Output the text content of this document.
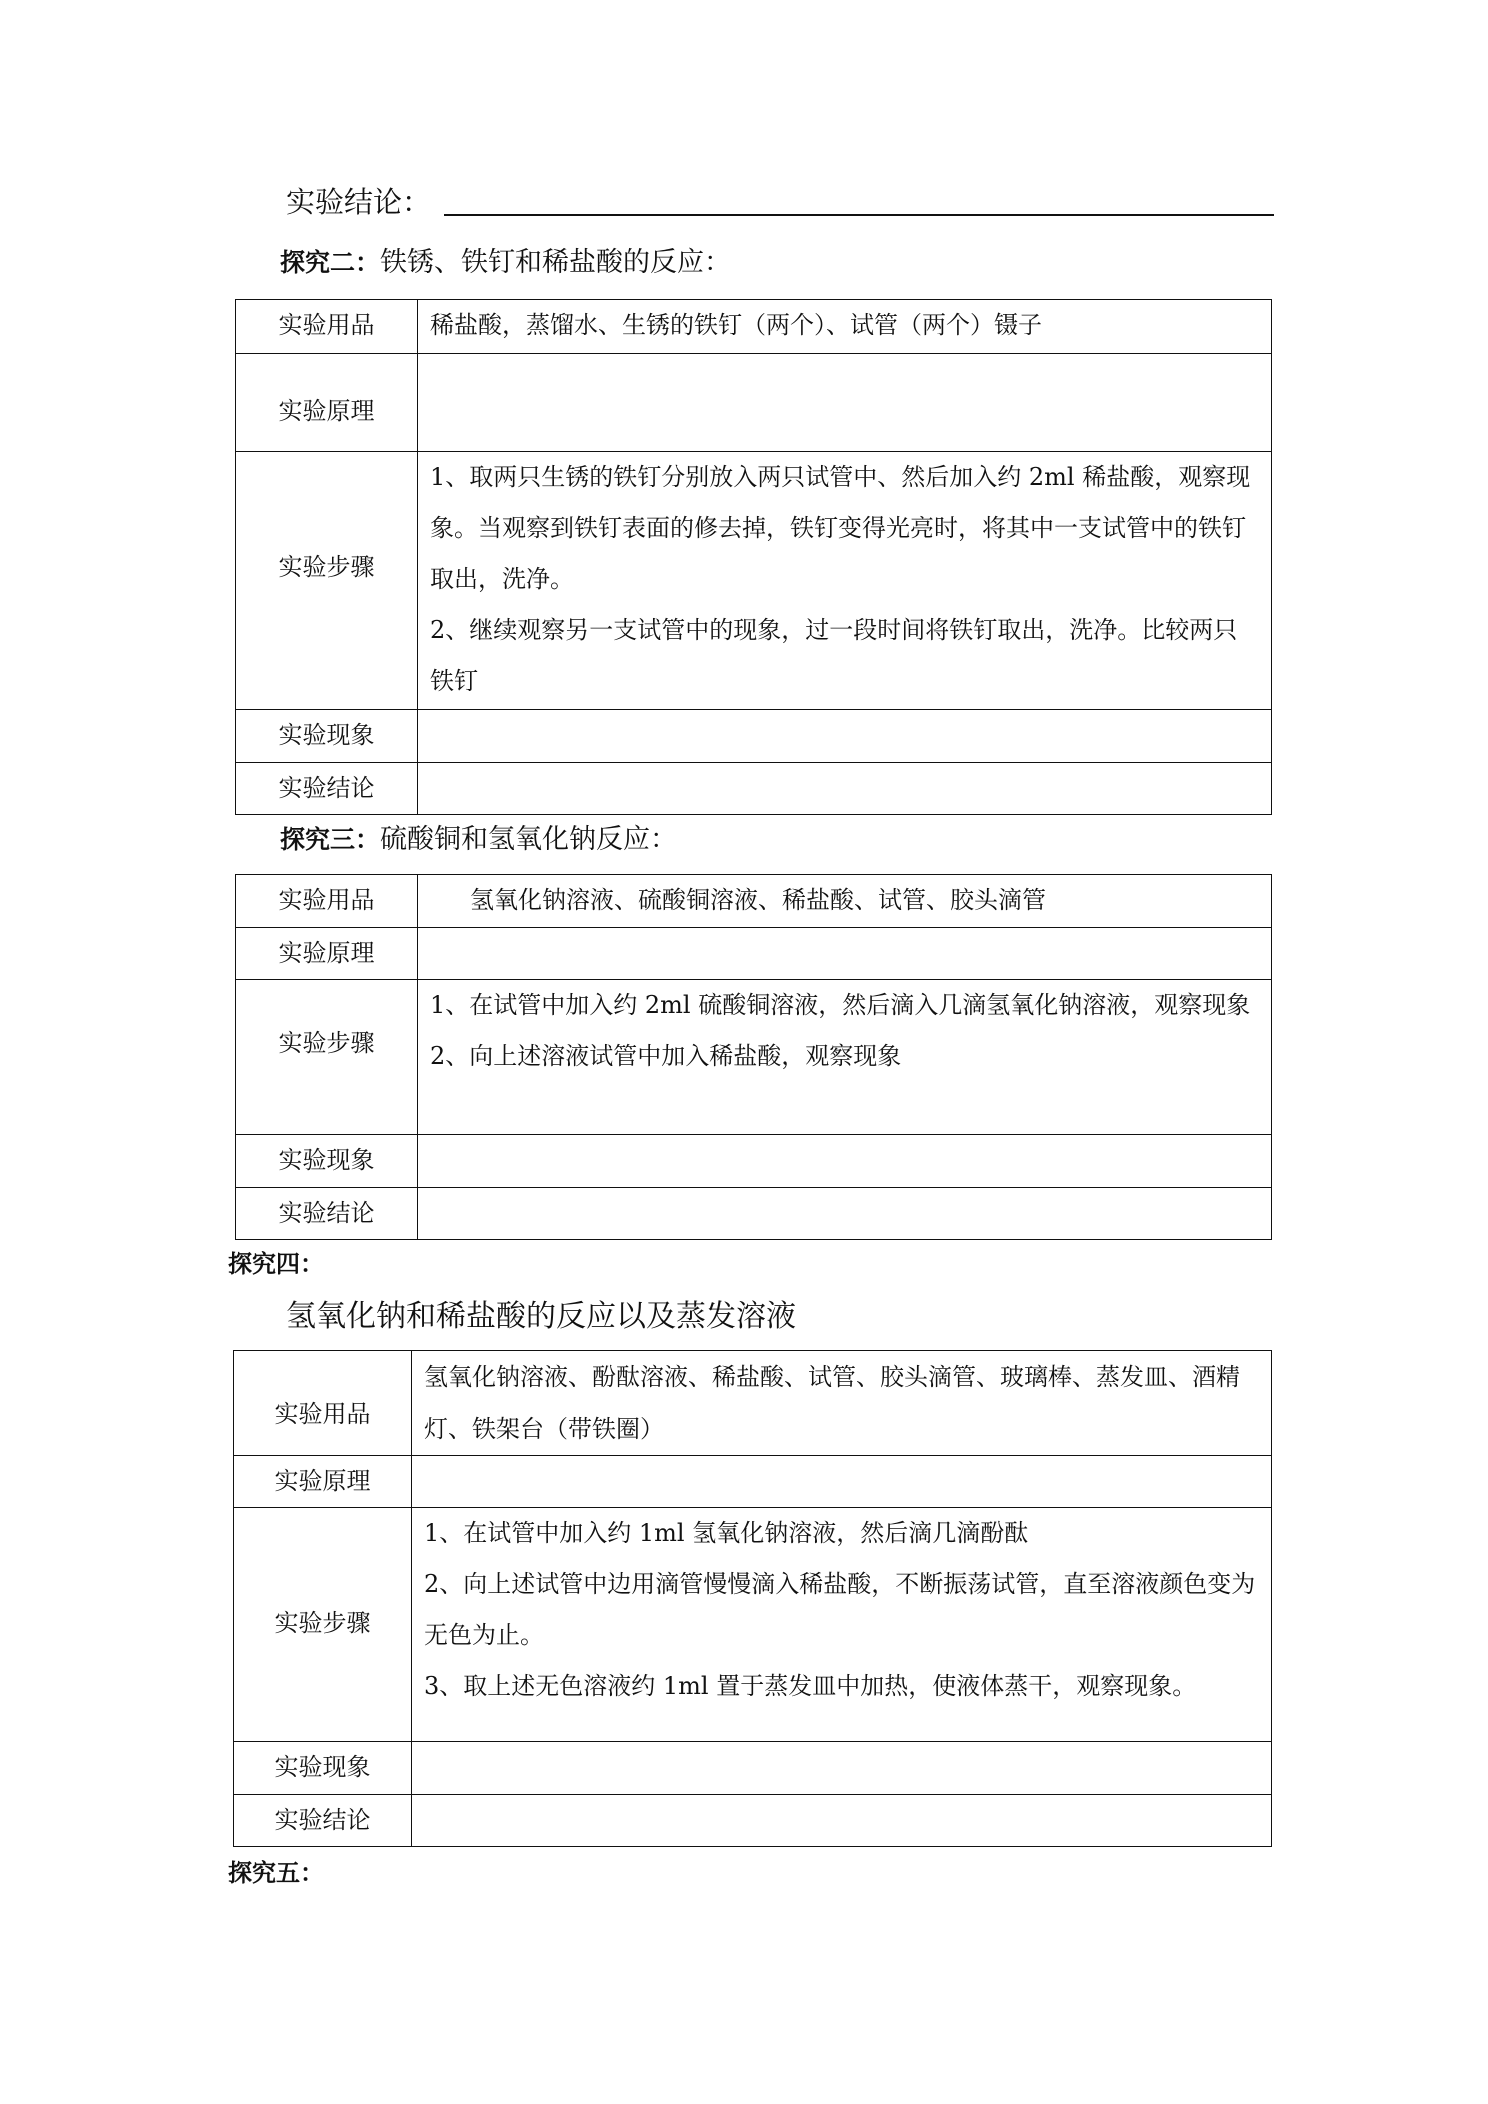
实验结论：
探究二：铁锈、铁钉和稀盐酸的反应：
实验用品	稀盐酸，蒸馏水、生锈的铁钉（两个）、试管（两个）镊子
实验原理	
实验步骤	1、取两只生锈的铁钉分别放入两只试管中、然后加入约 2ml 稀盐酸，观察现象。当观察到铁钉表面的修去掉，铁钉变得光亮时，将其中一支试管中的铁钉取出，洗净。
2、继续观察另一支试管中的现象，过一段时间将铁钉取出，洗净。比较两只铁钉

实验现象	
实验结论	
探究三：硫酸铜和氢氧化钠反应：
实验用品	氢氧化钠溶液、硫酸铜溶液、稀盐酸、试管、胶头滴管
实验原理	
实验步骤	1、在试管中加入约 2ml 硫酸铜溶液，然后滴入几滴氢氧化钠溶液，观察现象
2、向上述溶液试管中加入稀盐酸，观察现象

实验现象	
实验结论	
探究四：
氢氧化钠和稀盐酸的反应以及蒸发溶液
实验用品	氢氧化钠溶液、酚酞溶液、稀盐酸、试管、胶头滴管、玻璃棒、蒸发皿、酒精灯、铁架台（带铁圈）
实验原理	
实验步骤	1、在试管中加入约 1ml 氢氧化钠溶液，然后滴几滴酚酞
2、向上述试管中边用滴管慢慢滴入稀盐酸，不断振荡试管，直至溶液颜色变为无色为止。
3、取上述无色溶液约 1ml 置于蒸发皿中加热，使液体蒸干，观察现象。

实验现象	
实验结论	
探究五：
